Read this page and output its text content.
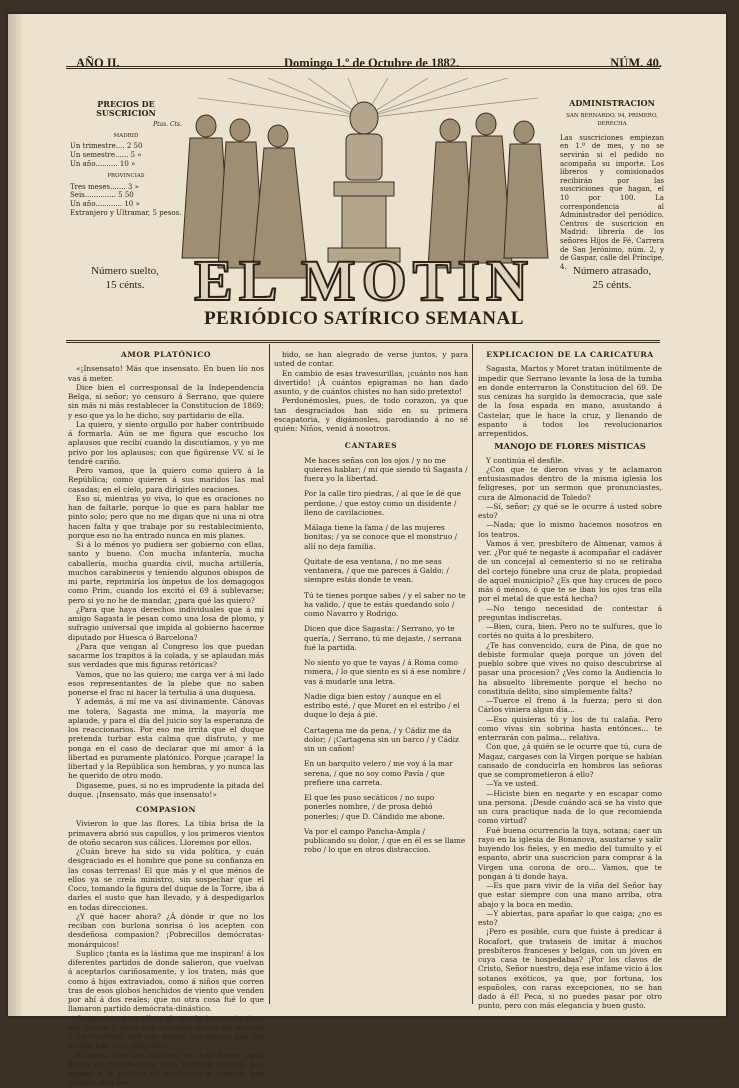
AÑO II.	Domingo 1.º de Octubre de 1882.	NÚM. 40.
PRECIOS DE SUSCRICION
Ptas. Cts.
MADRID
Un trimestre.... 2 50
Un semestre...... 5 »
Un año.......... 10 »
PROVINCIAS
Tres meses....... 3 »
Seis.............. 5 50
Un año............ 10 »
Extranjero y Ultramar, 5 pesos.
Número suelto,
15 cénts.
ADMINISTRACION
SAN BERNARDO, 94, PRIMERO, DERECHA
Las suscriciones empiezan en 1.º de mes, y no se servirán si el pedido no acompaña su importe. Los libreros y comisionados recibirán por las suscriciones que hagan, el 10 por 100. La correspondencia al Administrador del periódico. Centros de suscricion en Madrid: librería de los señores Hijos de Fé, Carrera de San Jerónimo, núm. 2, y de Gaspar, calle del Príncipe, 4. Número atrasado,
25 cénts.
EL MOTIN
PERIÓDICO SATÍRICO SEMANAL

AMOR PLATÓNICO

«¡Insensato! Más que insensato. En buen lío nos vas á meter.

Dice bien el corresponsal de la Independencia Belga, si señor; yo censuro á Serrano, que quiere sin más ni más restablecer la Constitucion de 1869; y eso que ya lo he dicho, soy partidario de ella.

La quiero, y siento orgullo por haber contribuido á formarla. Aún se me figura que escucho los aplausos que recibí cuando la discutíamos, y yo me privo por los aplausos; con que figúrense VV. si le tendré cariño.

Pero vamos, que la quiero como quiero á la República; como quieren á sus maridos las mal casadas; en el cielo, para dirigirles oraciones.

Eso sí, mientras yo viva, lo que es oraciones no han de faltarle, porque lo que es para hablar me pinto solo; pero que no me digan que ni una ni otra hacen falta y que trabaje por su restablecimiento, porque eso no ha entrado nunca en mis planes.

Si á lo ménos yo pudiera ser gobierno con ellas, santo y bueno. Con mucha infantería, mucha caballería, mucha guardia civil, mucha artillería, muchos carabineros y teniendo algunos obispos de mi parte, reprimiría los ímpetus de los demagogos como Prim, cuando los excitó el 69 á sublevarse; pero si yo no he de mandar, ¿para qué las quiero?

¿Para que haya derechos individuales que á mí amigo Sagasta le pesan como una losa de plomo, y sufragio universal que impida al gobierno hacerme diputado por Huesca ó Barcelona?

¿Para que vengan al Congreso los que puedan sacarme los trapitos á la colada, y se aplaudan más sus verdades que mis figuras retóricas?

Vamos, que no las quiero; me carga ver á mi lado esos representantes de la plebe que no saben ponerse el frac ni hacer la tertulia á una duquesa.

Y además, á mí me va así divinamente. Cánovas me tolera, Sagasta me mima, la mayoría me aplaude, y para el día del juicio soy la esperanza de los reaccionarios. Por eso me irrita que el duque pretenda turbar esta calma que disfruto, y me ponga en el caso de declarar que mi amor á la libertad es puramente platónico. Porque ¡carape! la libertad y la República son hembras, y yo nunca las he querido de otro modo.

Digaseme, pues, si no es imprudente la pitada del duque. ¡Insensato, más que insensato!»

COMPASION

Vivieron lo que las flores. La tibia brisa de la primavera abrió sus capullos, y los primeros vientos de otoño secaron sus cálices. Lloremos por ellos.

¿Cuán breve ha sido su vida política, y cuán desgraciado es el hombre que pone su confianza en las cosas terrenas! El que más y el que ménos de ellos ya se creía ministro, sin sospechar que el Coco, tomando la figura del duque de la Torre, iba á darles el susto que han llevado, y á despedigarlos en todas direcciones.

¿Y qué hacer ahora? ¿Á dónde ir que no los reciban con burlona sonrisa ó los acepten con desdeñosa compasion? ¡Pobrecillos demócratas-monárquicos!

Suplico ¡tanta es la lástima que me inspiran! á los diferentes partidos de donde salieron, que vuelvan á aceptarlos cariñosamente, y los traten, más que como á hijos extraviados, como á niños que corren tras de esos globos henchidos de viento que venden por ahí á dos reales; que no otra cosa fué lo que llamaron partido demócrata-dinástico.

Compasion para ellos, sí; que la inocencia tiene sus fueros, y sería una crueldad cerrar las puertas á los forofistas que han sabido una ilusion que tan pronto han visto disiparse.

Y luego, que los infelices no han hecho nada digno de reprobacion. Han hablado mucho; han jugado á la política en periódicos y casinos; han comido, han be-

bido, se han alegrado de verse juntos, y para usted de contar.

En cambio de esas travesurillas, ¡cuánto nos han divertido! ¡Á cuántos epigramas no han dado asunto, y de cuántos chistes no han sido pretexto!

Perdonémosles, pues, de todo corazon, ya que tan desgraciados han sido en su primera escapatoria, y digámosles, parodiando á no sé quién: Niños, venid á nosotros.

CANTARES

Me haces señas con los ojos / y no me quieres hablar; / mi que siendo tú Sagasta / fuera yo la libertad.

Por la calle tiro piedras, / al que le dé que perdone, / que estoy como un disidente / lleno de cavilaciones.

Málaga tiene la fama / de las mujeres bonitas; / ya se conoce que el monstruo / allí no deja familia.

Quitate de esa ventana, / no me seas ventanera, / que me pareces á Galdo; / siempre estás donde te vean.

Tú te tienes porque sabes / y el saber no te ha valido, / que te estás quedando solo / como Navarro y Rodrigo.

Dicen que dice Sagasta: / Serrano, yo te quería, / Serrano, tú me dejaste, / serrana fué la partida.

No siento yo que te vayas / á Roma como romera, / lo que siento es si á ese nombre / vas á mudarle una letra.

Nadie diga bien estoy / aunque en el estribo esté, / que Moret en el estribo / el duque lo deja á pié.

Cartagena me da pena, / y Cádiz me da dolor; / ¡Cartagena sin un barco / y Cádiz sin un cañon!

En un barquito velero / me voy á la mar serena, / que no soy como Pavía / que prefiere una carreta.

El que les puso secáticos / no supo ponerles nombre, / de prosa debió ponerles; / que D. Cándido me abone.

Va por el campo Pancha-Ampla / publicando su dolor, / que en él es se llame robo / lo que en otros distraccion.

EXPLICACION DE LA CARICATURA

Sagasta, Martos y Moret tratan inútilmente de impedir que Serrano levante la losa de la tumba en donde enterraron la Constitucion del 69. De sus cenizas ha surgido la democracia, que sale de la fosa espada en mano, asustando á Castelar, que le hace la cruz, y llenando de espanto á todos los revolucionarios arrepentidos.

MANOJO DE FLORES MÍSTICAS

Y continúa el desfile.

¿Con que te dieron vivas y te aclamaron entusiasmados dentro de la misma iglesia los feligreses, por un sermon que pronunciastes, cura de Almonacid de Toledo?

—Sí, señor; ¿y qué se le ocurre á usted sobre esto?

—Nada; que lo mismo hacemos nosotros en los teatros.

Vamos á ver, presbítero de Almenar, vamos á ver. ¿Por qué te negaste á acompañar el cadáver de un concejal al cementerio si no se retiraba del cortejo fúnebre una cruz de plata, propiedad de aquel municipio? ¿Es que hay cruces de poco más ó ménos, ó que te se iban los ojos tras ella por el metal de que está hecha?

—No tengo necesidad de contestar á preguntas indiscretas.

—Bien, cura, bien. Pero no te sulfures, que lo cortés no quita á lo presbítero.

¿Te has convencido, cura de Pina, de que no debiste formular queja porque un jóven del pueblo sobre que vives no quiso descubrirse al pasar una procesion? ¿Ves como la Audiencia lo ha absuelto libremente porque el hecho no constituía delito, sino simplemente falta?

—Tuerce el freno á la fuerza; pero si don Cárlos viniera algun día...

—Eso quisieras tú y los de tu calaña. Pero como vivas sin sobrina hasta entónces... te enterrarán con palma... relativa.

Con que, ¿á quién se le ocurre que tú, cura de Magaz, cargases con la Virgen porque se habían cansado de conducirla en hombros las señoras que se comprometieron á ello?

—Ya ve usted.

—Hiciste bien en negarte y en escapar como una persona. ¡Desde cuándo acá se ha visto que un cura practique nada de lo que recomienda como virtud?

Fué buena ocurrencia la tuya, sotana; caer un rayo en la iglesia de Bonanova, asustarse y salir huyendo los fieles, y en medio del tumulto y el espanto, abrir una suscricion para comprar á la Virgen una corona de oro... Vamos, que te pongan á ti donde haya.

—Es que para vivir de la viña del Señor hay que estar siempre con una mano arriba, otra abajo y la boca en medio.

—Y abiertas, para apañar lo que caiga; ¿no es esto?

¡Pero es posible, cura que fuiste á predicar á Rocafort, que trataseis de imitar á muchos presbíteros franceses y belgas, con un jóven en cuya casa te hospedabas? ¡Por los clavos de Cristo, Señor nuestro, deja ese infame vicio á los sotanos exóticos, ya que, por fortuna, los españoles, con raras excepciones, no se han dado á él! Peca, si no puedes pasar por otro punto, pero con más elegancia y buen gusto.
